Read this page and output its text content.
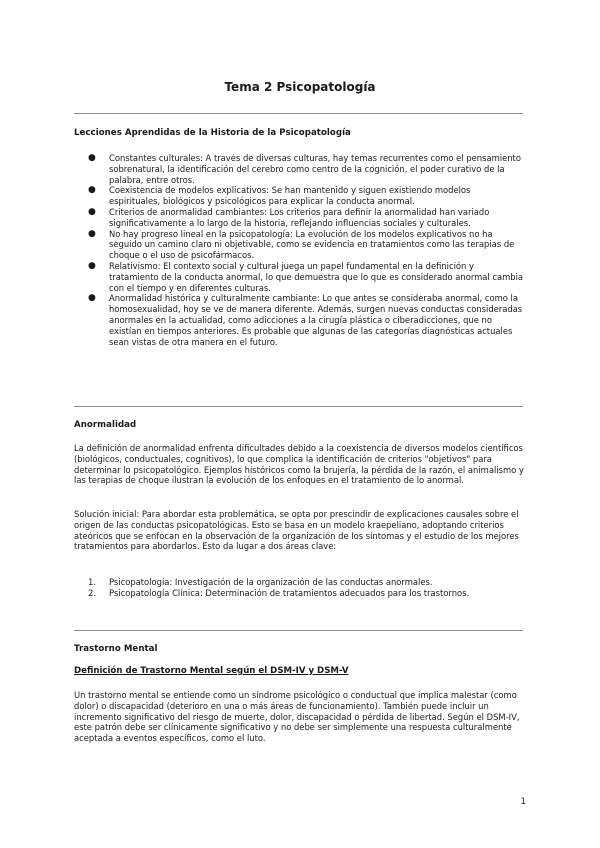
Tema 2 Psicopatología
Lecciones Aprendidas de la Historia de la Psicopatología
● Constantes culturales: A través de diversas culturas, hay temas recurrentes como el pensamiento sobrenatural, la identificación del cerebro como centro de la cognición, el poder curativo de la palabra, entre otros.
● Coexistencia de modelos explicativos: Se han mantenido y siguen existiendo modelos espirituales, biológicos y psicológicos para explicar la conducta anormal.
● Criterios de anormalidad cambiantes: Los criterios para definir la anormalidad han variado significativamente a lo largo de la historia, reflejando influencias sociales y culturales.
● No hay progreso lineal en la psicopatología: La evolución de los modelos explicativos no ha seguido un camino claro ni objetivable, como se evidencia en tratamientos como las terapias de choque o el uso de psicofármacos.
● Relativismo: El contexto social y cultural juega un papel fundamental en la definición y tratamiento de la conducta anormal, lo que demuestra que lo que es considerado anormal cambia con el tiempo y en diferentes culturas.
● Anormalidad histórica y culturalmente cambiante: Lo que antes se consideraba anormal, como la homosexualidad, hoy se ve de manera diferente. Además, surgen nuevas conductas consideradas anormales en la actualidad, como adicciones a la cirugía plástica o ciberadicciones, que no existían en tiempos anteriores. Es probable que algunas de las categorías diagnósticas actuales sean vistas de otra manera en el futuro.
Anormalidad

La definición de anormalidad enfrenta dificultades debido a la coexistencia de diversos modelos científicos (biológicos, conductuales, cognitivos), lo que complica la identificación de criterios "objetivos" para determinar lo psicopatológico. Ejemplos históricos como la brujería, la pérdida de la razón, el animalismo y las terapias de choque ilustran la evolución de los enfoques en el tratamiento de lo anormal.

Solución inicial: Para abordar esta problemática, se opta por prescindir de explicaciones causales sobre el origen de las conductas psicopatológicas. Esto se basa en un modelo kraepeliano, adoptando criterios ateóricos que se enfocan en la observación de la organización de los síntomas y el estudio de los mejores tratamientos para abordarlos. Esto da lugar a dos áreas clave:

1. Psicopatología: Investigación de la organización de las conductas anormales.
2. Psicopatología Clínica: Determinación de tratamientos adecuados para los trastornos.
Trastorno Mental
Definición de Trastorno Mental según el DSM-IV y DSM-V

Un trastorno mental se entiende como un síndrome psicológico o conductual que implica malestar (como dolor) o discapacidad (deterioro en una o más áreas de funcionamiento). También puede incluir un incremento significativo del riesgo de muerte, dolor, discapacidad o pérdida de libertad. Según el DSM-IV, este patrón debe ser clínicamente significativo y no debe ser simplemente una respuesta culturalmente aceptada a eventos específicos, como el luto.

1
